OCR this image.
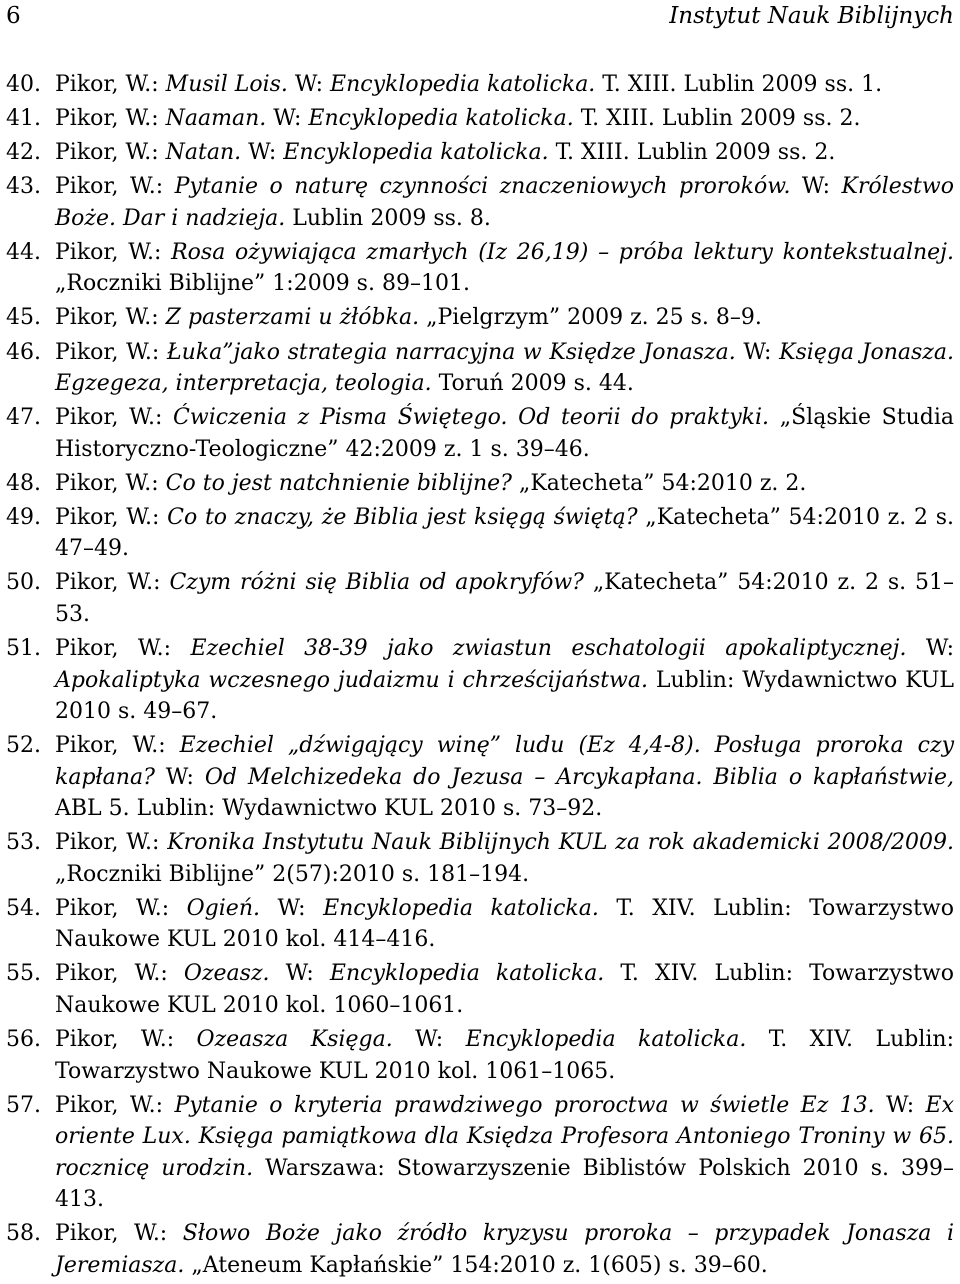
6	Instytut Nauk Biblijnych
40. Pikor, W.: Musil Lois. W: Encyklopedia katolicka. T. XIII. Lublin 2009 ss. 1.
41. Pikor, W.: Naaman. W: Encyklopedia katolicka. T. XIII. Lublin 2009 ss. 2.
42. Pikor, W.: Natan. W: Encyklopedia katolicka. T. XIII. Lublin 2009 ss. 2.
43. Pikor, W.: Pytanie o naturę czynności znaczeniowych proroków. W: Królestwo Boże. Dar i nadzieja. Lublin 2009 ss. 8.
44. Pikor, W.: Rosa ożywiająca zmarłych (Iz 26,19) – próba lektury kontekstualnej. „Roczniki Biblijne” 1:2009 s. 89–101.
45. Pikor, W.: Z pasterzami u żłóbka. „Pielgrzym” 2009 z. 25 s. 8–9.
46. Pikor, W.: Łuka”jako strategia narracyjna w Księdze Jonasza. W: Księga Jonasza. Egzegeza, interpretacja, teologia. Toruń 2009 s. 44.
47. Pikor, W.: Ćwiczenia z Pisma Świętego. Od teorii do praktyki. „Śląskie Studia Historyczno-Teologiczne” 42:2009 z. 1 s. 39–46.
48. Pikor, W.: Co to jest natchnienie biblijne? „Katecheta” 54:2010 z. 2.
49. Pikor, W.: Co to znaczy, że Biblia jest księgą świętą? „Katecheta” 54:2010 z. 2 s. 47–49.
50. Pikor, W.: Czym różni się Biblia od apokryfów? „Katecheta” 54:2010 z. 2 s. 51–53.
51. Pikor, W.: Ezechiel 38-39 jako zwiastun eschatologii apokaliptycznej. W: Apokaliptyka wczesnego judaizmu i chrześcijaństwa. Lublin: Wydawnictwo KUL 2010 s. 49–67.
52. Pikor, W.: Ezechiel „dźwigający winę” ludu (Ez 4,4-8). Posługa proroka czy kapłana? W: Od Melchizedeka do Jezusa – Arcykapłana. Biblia o kapłaństwie, ABL 5. Lublin: Wydawnictwo KUL 2010 s. 73–92.
53. Pikor, W.: Kronika Instytutu Nauk Biblijnych KUL za rok akademicki 2008/2009. „Roczniki Biblijne” 2(57):2010 s. 181–194.
54. Pikor, W.: Ogień. W: Encyklopedia katolicka. T. XIV. Lublin: Towarzystwo Naukowe KUL 2010 kol. 414–416.
55. Pikor, W.: Ozeasz. W: Encyklopedia katolicka. T. XIV. Lublin: Towarzystwo Naukowe KUL 2010 kol. 1060–1061.
56. Pikor, W.: Ozeasza Księga. W: Encyklopedia katolicka. T. XIV. Lublin: Towarzystwo Naukowe KUL 2010 kol. 1061–1065.
57. Pikor, W.: Pytanie o kryteria prawdziwego proroctwa w świetle Ez 13. W: Ex oriente Lux. Księga pamiątkowa dla Księdza Profesora Antoniego Troniny w 65. rocznicę urodzin. Warszawa: Stowarzyszenie Biblistów Polskich 2010 s. 399–413.
58. Pikor, W.: Słowo Boże jako źródło kryzysu proroka – przypadek Jonasza i Jeremiasza. „Ateneum Kapłańskie” 154:2010 z. 1(605) s. 39–60.
